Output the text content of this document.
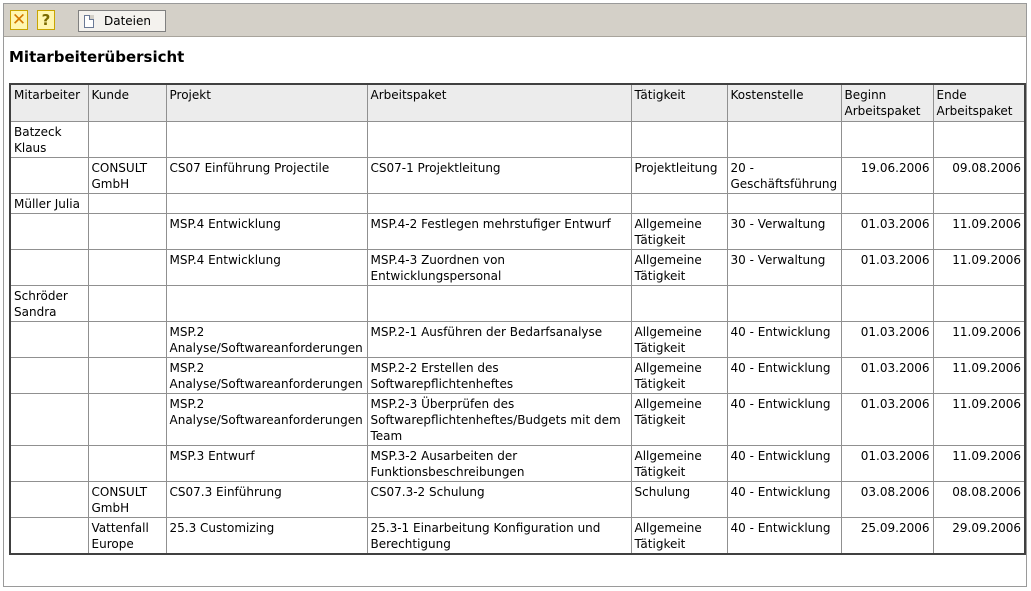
✕	?	Dateien
Mitarbeiterübersicht
Mitarbeiter	Kunde	Projekt	Arbeitspaket	Tätigkeit	Kostenstelle	Beginn Arbeitspaket	Ende Arbeitspaket
Batzeck Klaus							
	CONSULT GmbH	CS07 Einführung Projectile	CS07-1 Projektleitung	Projektleitung	20 - Geschäftsführung	19.06.2006	09.08.2006
Müller Julia							
		MSP.4 Entwicklung	MSP.4-2 Festlegen mehrstufiger Entwurf	Allgemeine Tätigkeit	30 - Verwaltung	01.03.2006	11.09.2006
		MSP.4 Entwicklung	MSP.4-3 Zuordnen von Entwicklungspersonal	Allgemeine Tätigkeit	30 - Verwaltung	01.03.2006	11.09.2006
Schröder Sandra							
		MSP.2 Analyse/Softwareanforderungen	MSP.2-1 Ausführen der Bedarfsanalyse	Allgemeine Tätigkeit	40 - Entwicklung	01.03.2006	11.09.2006
		MSP.2 Analyse/Softwareanforderungen	MSP.2-2 Erstellen des Softwarepflichtenheftes	Allgemeine Tätigkeit	40 - Entwicklung	01.03.2006	11.09.2006
		MSP.2 Analyse/Softwareanforderungen	MSP.2-3 Überprüfen des Softwarepflichtenheftes/Budgets mit dem Team	Allgemeine Tätigkeit	40 - Entwicklung	01.03.2006	11.09.2006
		MSP.3 Entwurf	MSP.3-2 Ausarbeiten der Funktionsbeschreibungen	Allgemeine Tätigkeit	40 - Entwicklung	01.03.2006	11.09.2006
	CONSULT GmbH	CS07.3 Einführung	CS07.3-2 Schulung	Schulung	40 - Entwicklung	03.08.2006	08.08.2006
	Vattenfall Europe	25.3 Customizing	25.3-1 Einarbeitung Konfiguration und Berechtigung	Allgemeine Tätigkeit	40 - Entwicklung	25.09.2006	29.09.2006
